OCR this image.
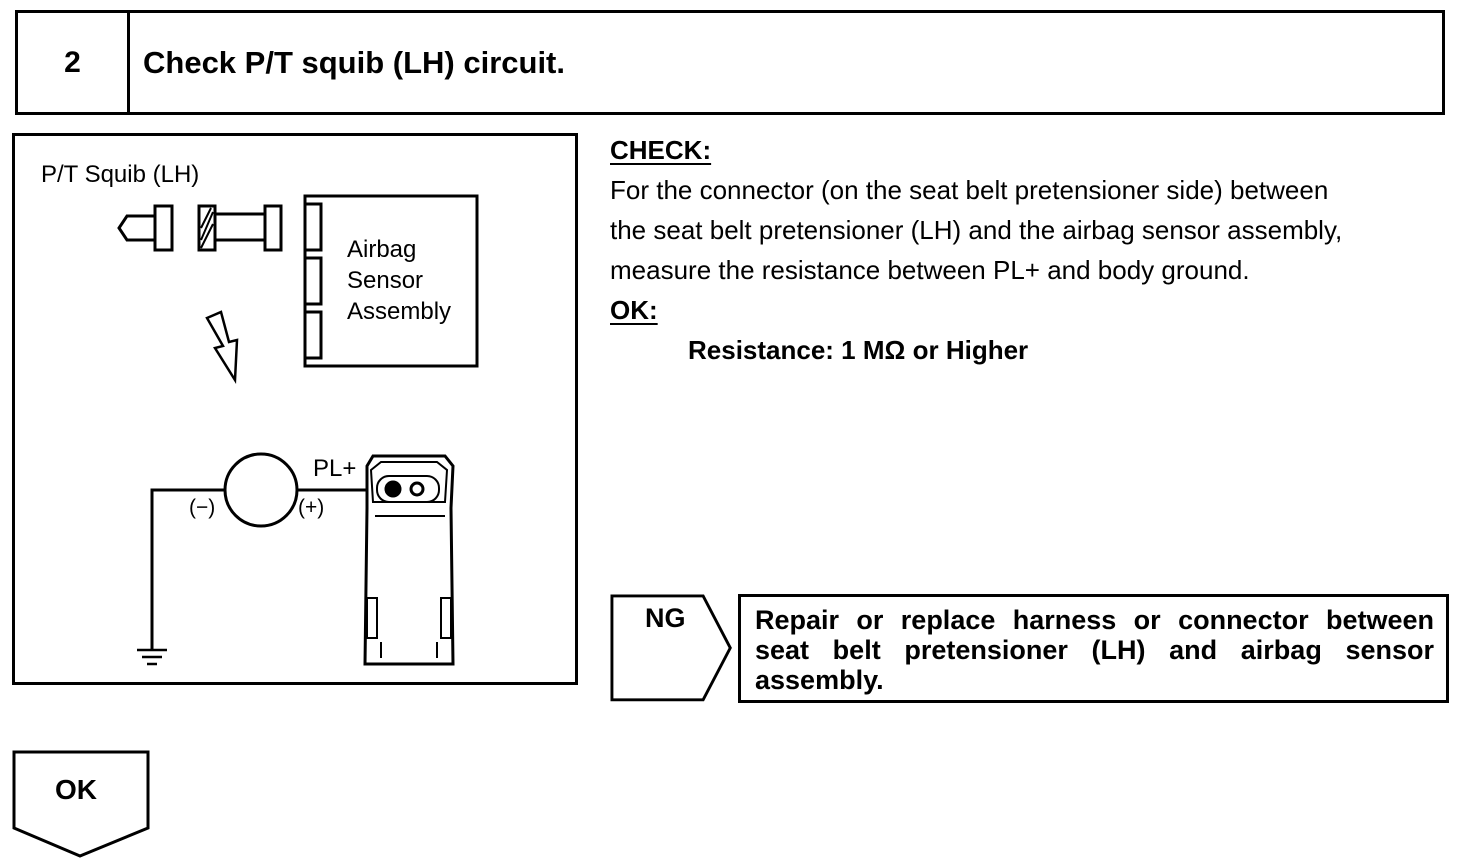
2	Check P/T squib (LH) circuit.
P/T Squib (LH)
Airbag
Sensor
Assembly
PL+
(−)	(+)
CHECK:
For the connector (on the seat belt pretensioner side) between
the seat belt pretensioner (LH) and the airbag sensor assembly,
measure the resistance between PL+ and body ground.
OK:
Resistance: 1 MΩ or Higher
NG	Repair or replace harness or connector between seat belt pretensioner (LH) and airbag sensor assembly.
OK
